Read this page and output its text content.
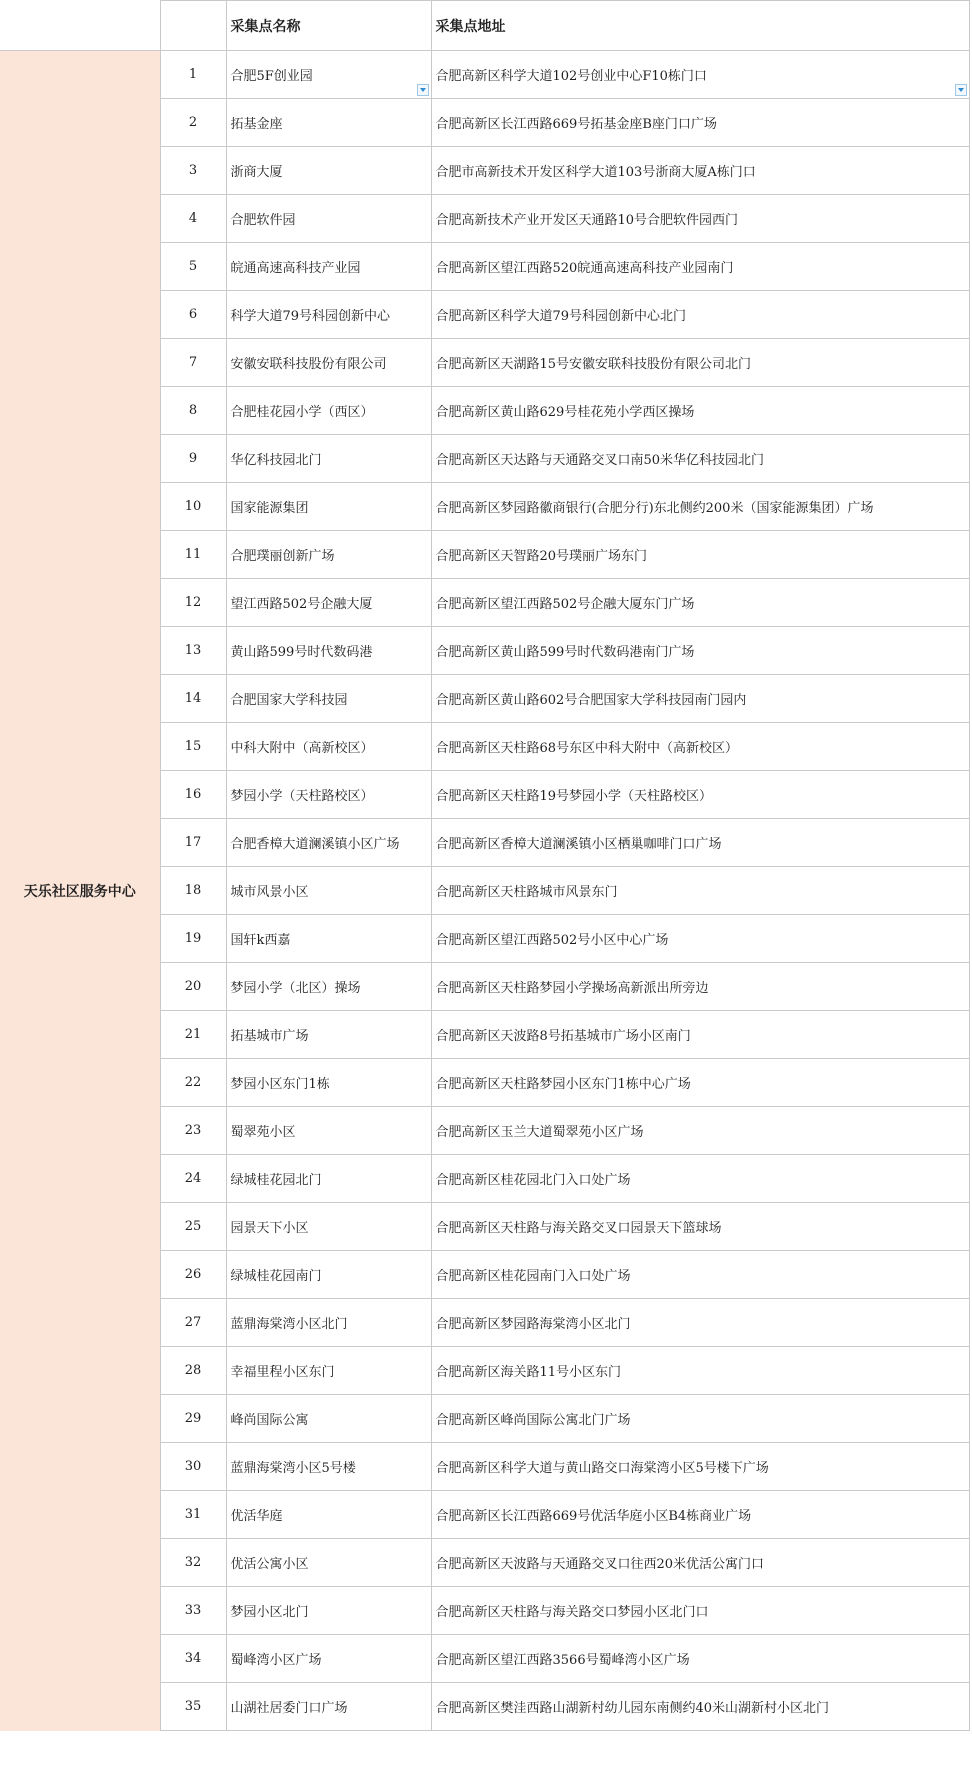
		采集点名称	采集点地址
天乐社区服务中心	1	合肥5F创业园	合肥高新区科学大道102号创业中心F10栋门口

	2	拓基金座	合肥高新区长江西路669号拓基金座B座门口广场
	3	浙商大厦	合肥市高新技术开发区科学大道103号浙商大厦A栋门口
	4	合肥软件园	合肥高新技术产业开发区天通路10号合肥软件园西门
	5	皖通高速高科技产业园	合肥高新区望江西路520皖通高速高科技产业园南门
	6	科学大道79号科园创新中心	合肥高新区科学大道79号科园创新中心北门
	7	安徽安联科技股份有限公司	合肥高新区天湖路15号安徽安联科技股份有限公司北门
	8	合肥桂花园小学（西区）	合肥高新区黄山路629号桂花苑小学西区操场
	9	华亿科技园北门	合肥高新区天达路与天通路交叉口南50米华亿科技园北门
	10	国家能源集团	合肥高新区梦园路徽商银行(合肥分行)东北侧约200米（国家能源集团）广场
	11	合肥璞丽创新广场	合肥高新区天智路20号璞丽广场东门
	12	望江西路502号企融大厦	合肥高新区望江西路502号企融大厦东门广场
	13	黄山路599号时代数码港	合肥高新区黄山路599号时代数码港南门广场
	14	合肥国家大学科技园	合肥高新区黄山路602号合肥国家大学科技园南门园内
	15	中科大附中（高新校区）	合肥高新区天柱路68号东区中科大附中（高新校区）
	16	梦园小学（天柱路校区）	合肥高新区天柱路19号梦园小学（天柱路校区）
	17	合肥香樟大道澜溪镇小区广场	合肥高新区香樟大道澜溪镇小区栖巢咖啡门口广场
	18	城市风景小区	合肥高新区天柱路城市风景东门
	19	国轩k西嘉	合肥高新区望江西路502号小区中心广场
	20	梦园小学（北区）操场	合肥高新区天柱路梦园小学操场高新派出所旁边
	21	拓基城市广场	合肥高新区天波路8号拓基城市广场小区南门
	22	梦园小区东门1栋	合肥高新区天柱路梦园小区东门1栋中心广场
	23	蜀翠苑小区	合肥高新区玉兰大道蜀翠苑小区广场
	24	绿城桂花园北门	合肥高新区桂花园北门入口处广场
	25	园景天下小区	合肥高新区天柱路与海关路交叉口园景天下篮球场
	26	绿城桂花园南门	合肥高新区桂花园南门入口处广场
	27	蓝鼎海棠湾小区北门	合肥高新区梦园路海棠湾小区北门
	28	幸福里程小区东门	合肥高新区海关路11号小区东门
	29	峰尚国际公寓	合肥高新区峰尚国际公寓北门广场
	30	蓝鼎海棠湾小区5号楼	合肥高新区科学大道与黄山路交口海棠湾小区5号楼下广场
	31	优活华庭	合肥高新区长江西路669号优活华庭小区B4栋商业广场
	32	优活公寓小区	合肥高新区天波路与天通路交叉口往西20米优活公寓门口
	33	梦园小区北门	合肥高新区天柱路与海关路交口梦园小区北门口
	34	蜀峰湾小区广场	合肥高新区望江西路3566号蜀峰湾小区广场
	35	山湖社居委门口广场	合肥高新区樊洼西路山湖新村幼儿园东南侧约40米山湖新村小区北门
